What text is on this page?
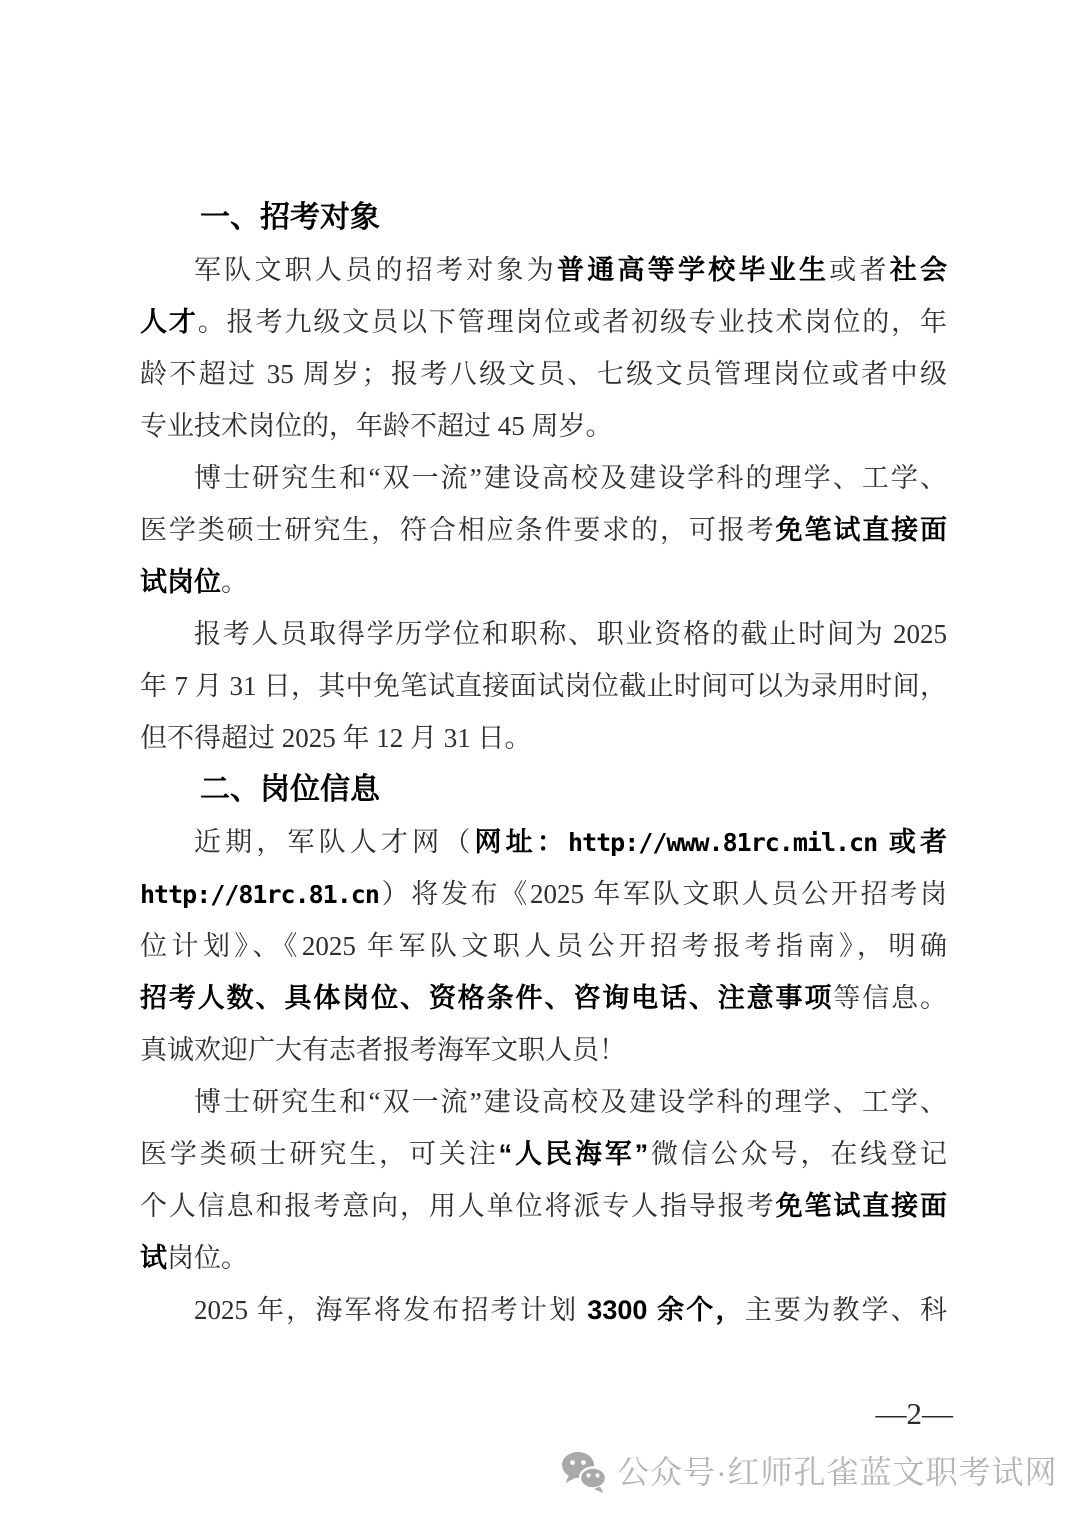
一、招考对象
军队文职人员的招考对象为普通高等学校毕业生或者社会
人才。报考九级文员以下管理岗位或者初级专业技术岗位的，年
龄不超过 35 周岁；报考八级文员、七级文员管理岗位或者中级
专业技术岗位的，年龄不超过 45 周岁。
博士研究生和“双一流”建设高校及建设学科的理学、工学、
医学类硕士研究生，符合相应条件要求的，可报考免笔试直接面
试岗位。
报考人员取得学历学位和职称、职业资格的截止时间为 2025
年 7 月 31 日，其中免笔试直接面试岗位截止时间可以为录用时间，
但不得超过 2025 年 12 月 31 日。
二、岗位信息
近期，军队人才网（网址：http://www.81rc.mil.cn 或者
http://81rc.81.cn）将发布《2025 年军队文职人员公开招考岗
位计划》、《2025 年军队文职人员公开招考报考指南》，明确
招考人数、具体岗位、资格条件、咨询电话、注意事项等信息。
真诚欢迎广大有志者报考海军文职人员！
博士研究生和“双一流”建设高校及建设学科的理学、工学、
医学类硕士研究生，可关注“人民海军”微信公众号，在线登记
个人信息和报考意向，用人单位将派专人指导报考免笔试直接面
试岗位。
2025 年，海军将发布招考计划 3300 余个，主要为教学、科
—2—
公众号·红师孔雀蓝文职考试网
